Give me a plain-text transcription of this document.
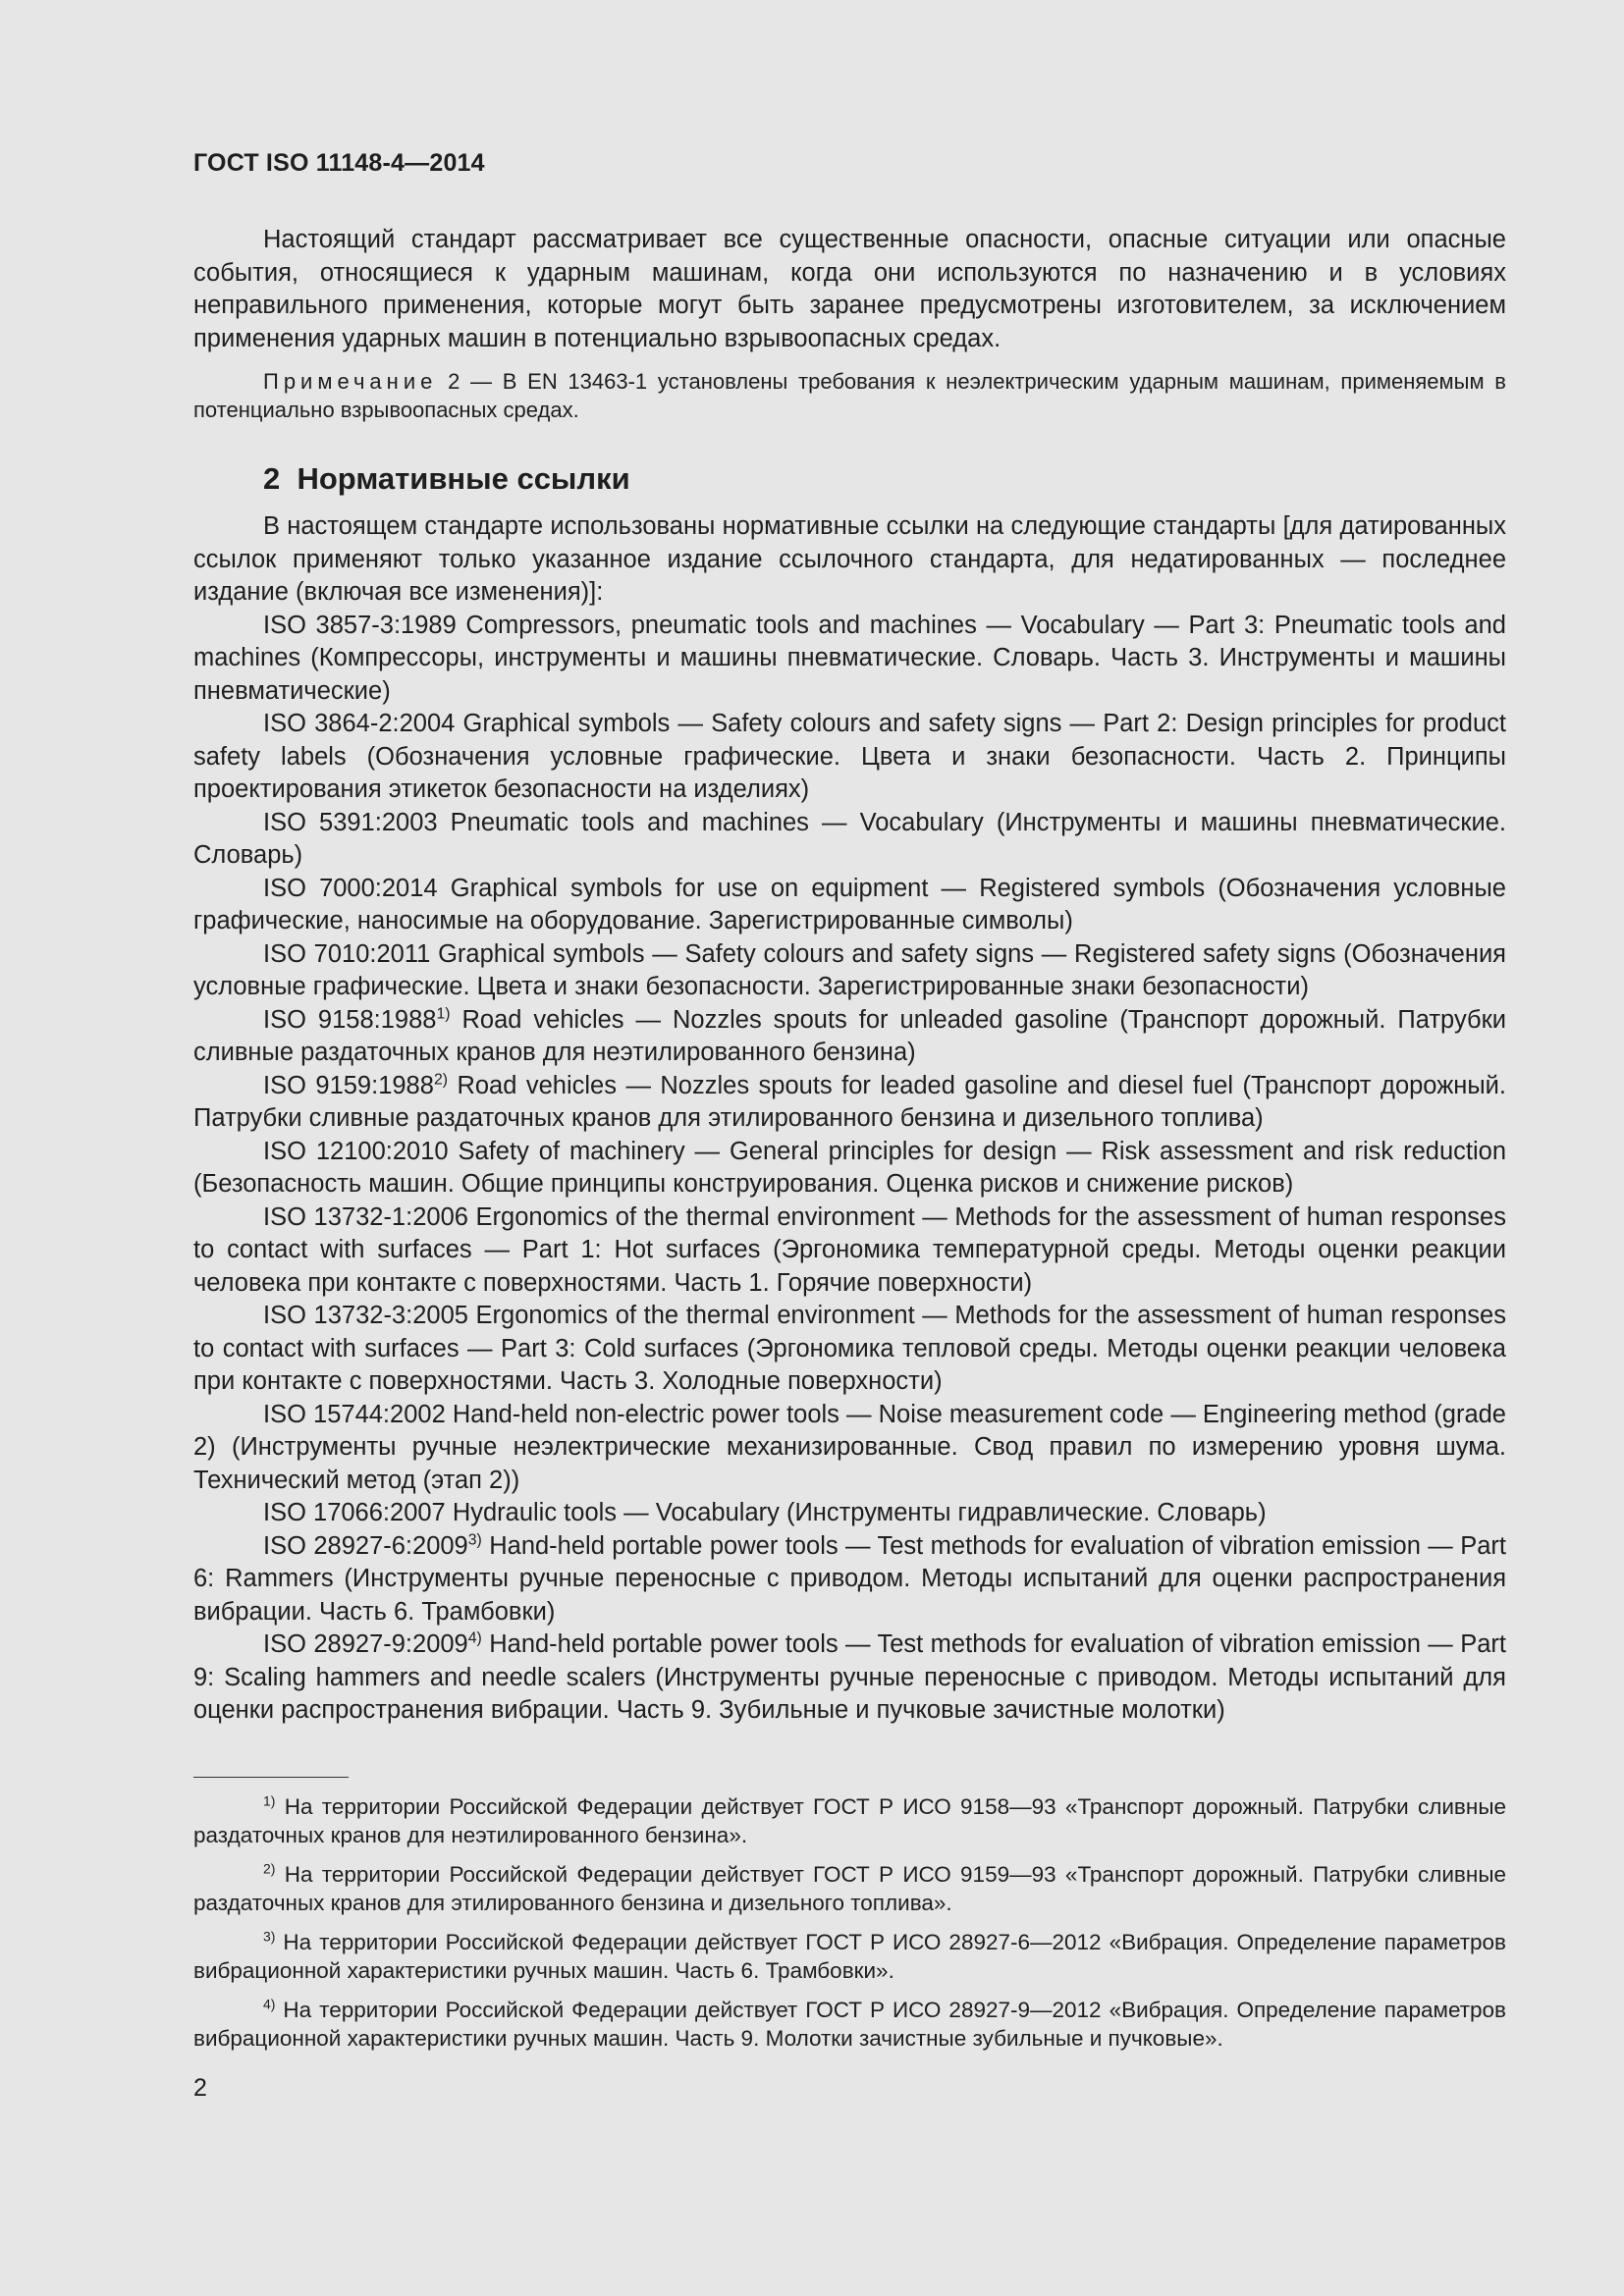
ГОСТ ISO 11148-4—2014

Настоящий стандарт рассматривает все существенные опасности, опасные ситуации или опасные события, относящиеся к ударным машинам, когда они используются по назначению и в условиях неправильного применения, которые могут быть заранее предусмотрены изготовителем, за исключением применения ударных машин в потенциально взрывоопасных средах.

Примечание 2 — В EN 13463-1 установлены требования к неэлектрическим ударным машинам, применяемым в потенциально взрывоопасных средах.

2 Нормативные ссылки

В настоящем стандарте использованы нормативные ссылки на следующие стандарты [для датированных ссылок применяют только указанное издание ссылочного стандарта, для недатированных — последнее издание (включая все изменения)]:

ISO 3857-3:1989 Compressors, pneumatic tools and machines — Vocabulary — Part 3: Pneumatic tools and machines (Компрессоры, инструменты и машины пневматические. Словарь. Часть 3. Инструменты и машины пневматические)

ISO 3864-2:2004 Graphical symbols — Safety colours and safety signs — Part 2: Design principles for product safety labels (Обозначения условные графические. Цвета и знаки безопасности. Часть 2. Принципы проектирования этикеток безопасности на изделиях)

ISO 5391:2003 Pneumatic tools and machines — Vocabulary (Инструменты и машины пневматические. Словарь)

ISO 7000:2014 Graphical symbols for use on equipment — Registered symbols (Обозначения условные графические, наносимые на оборудование. Зарегистрированные символы)

ISO 7010:2011 Graphical symbols — Safety colours and safety signs — Registered safety signs (Обозначения условные графические. Цвета и знаки безопасности. Зарегистрированные знаки безопасности)

ISO 9158:1988$^{1)}$ Road vehicles — Nozzles spouts for unleaded gasoline (Транспорт дорожный. Патрубки сливные раздаточных кранов для неэтилированного бензина)

ISO 9159:1988$^{2)}$ Road vehicles — Nozzles spouts for leaded gasoline and diesel fuel (Транспорт дорожный. Патрубки сливные раздаточных кранов для этилированного бензина и дизельного топлива)

ISO 12100:2010 Safety of machinery — General principles for design — Risk assessment and risk reduction (Безопасность машин. Общие принципы конструирования. Оценка рисков и снижение рисков)

ISO 13732-1:2006 Ergonomics of the thermal environment — Methods for the assessment of human responses to contact with surfaces — Part 1: Hot surfaces (Эргономика температурной среды. Методы оценки реакции человека при контакте с поверхностями. Часть 1. Горячие поверхности)

ISO 13732-3:2005 Ergonomics of the thermal environment — Methods for the assessment of human responses to contact with surfaces — Part 3: Cold surfaces (Эргономика тепловой среды. Методы оценки реакции человека при контакте с поверхностями. Часть 3. Холодные поверхности)

ISO 15744:2002 Hand-held non-electric power tools — Noise measurement code — Engineering method (grade 2) (Инструменты ручные неэлектрические механизированные. Свод правил по измерению уровня шума. Технический метод (этап 2))

ISO 17066:2007 Hydraulic tools — Vocabulary (Инструменты гидравлические. Словарь)

ISO 28927-6:2009$^{3)}$ Hand-held portable power tools — Test methods for evaluation of vibration emission — Part 6: Rammers (Инструменты ручные переносные с приводом. Методы испытаний для оценки распространения вибрации. Часть 6. Трамбовки)

ISO 28927-9:2009$^{4)}$ Hand-held portable power tools — Test methods for evaluation of vibration emission — Part 9: Scaling hammers and needle scalers (Инструменты ручные переносные с приводом. Методы испытаний для оценки распространения вибрации. Часть 9. Зубильные и пучковые зачистные молотки)

$^{1)}$ На территории Российской Федерации действует ГОСТ Р ИСО 9158—93 «Транспорт дорожный. Патрубки сливные раздаточных кранов для неэтилированного бензина».

$^{2)}$ На территории Российской Федерации действует ГОСТ Р ИСО 9159—93 «Транспорт дорожный. Патрубки сливные раздаточных кранов для этилированного бензина и дизельного топлива».

$^{3)}$ На территории Российской Федерации действует ГОСТ Р ИСО 28927-6—2012 «Вибрация. Определение параметров вибрационной характеристики ручных машин. Часть 6. Трамбовки».

$^{4)}$ На территории Российской Федерации действует ГОСТ Р ИСО 28927-9—2012 «Вибрация. Определение параметров вибрационной характеристики ручных машин. Часть 9. Молотки зачистные зубильные и пучковые».

2
